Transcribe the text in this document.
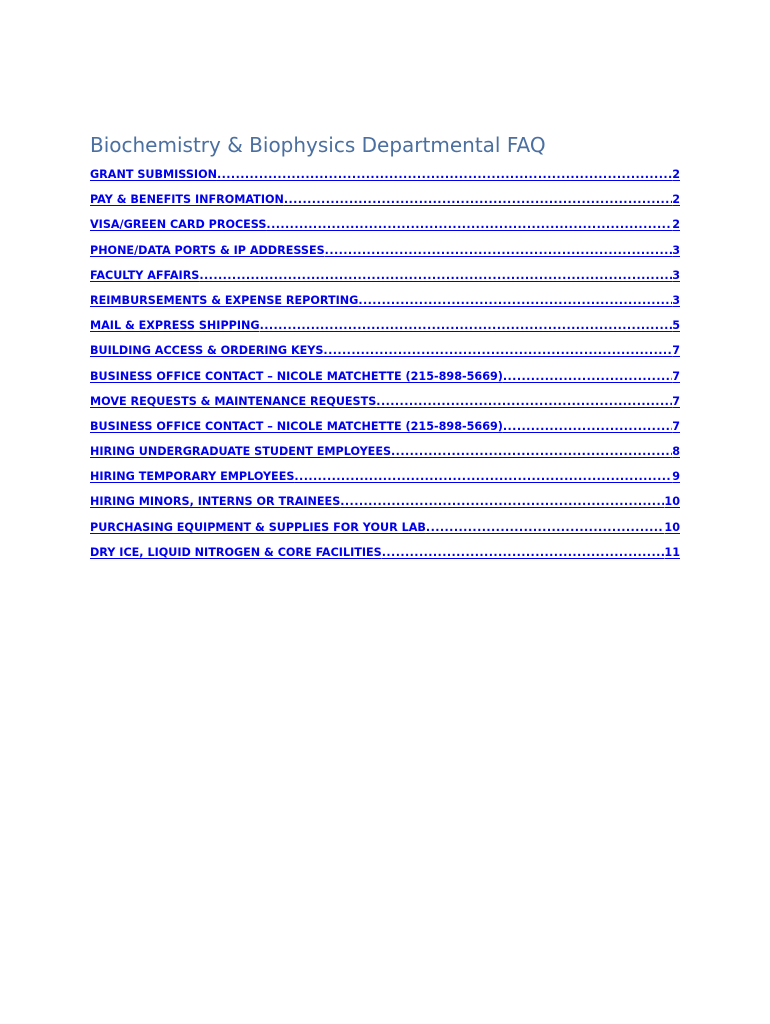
Biochemistry & Biophysics Departmental FAQ
GRANT SUBMISSION .....	2
PAY & BENEFITS INFROMATION .....	2
VISA/GREEN CARD PROCESS .....	2
PHONE/DATA PORTS & IP ADDRESSES .....	3
FACULTY AFFAIRS .....	3
REIMBURSEMENTS & EXPENSE REPORTING .....	3
MAIL & EXPRESS SHIPPING .....	5
BUILDING ACCESS & ORDERING KEYS .....	7
BUSINESS OFFICE CONTACT – NICOLE MATCHETTE (215-898-5669) .....	7
MOVE REQUESTS & MAINTENANCE REQUESTS .....	7
BUSINESS OFFICE CONTACT – NICOLE MATCHETTE (215-898-5669) .....	7
HIRING UNDERGRADUATE STUDENT EMPLOYEES .....	8
HIRING TEMPORARY EMPLOYEES .....	9
HIRING MINORS, INTERNS OR TRAINEES .....	10
PURCHASING EQUIPMENT & SUPPLIES FOR YOUR LAB .....	10
DRY ICE, LIQUID NITROGEN & CORE FACILITIES .....	11
